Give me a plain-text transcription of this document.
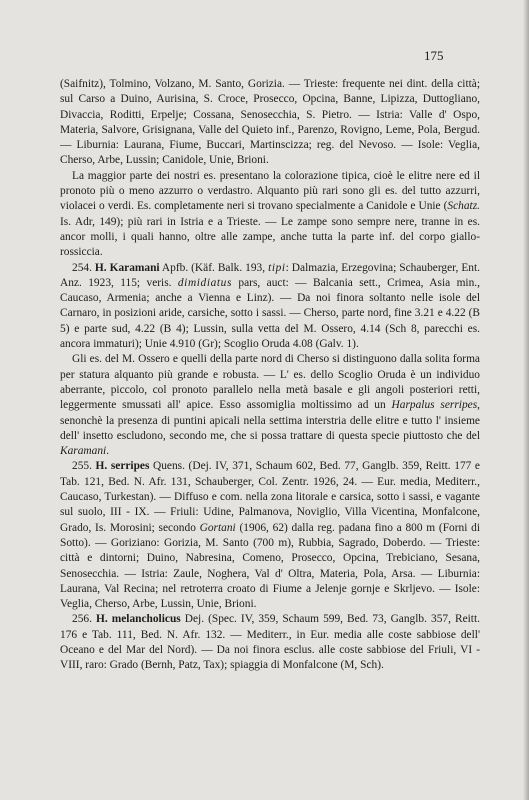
175

(Saifnitz), Tolmino, Volzano, M. Santo, Gorizia. — Trieste: frequente nei dint. della città; sul Carso a Duino, Aurisina, S. Croce, Prosecco, Opcina, Banne, Lipizza, Duttogliano, Divaccia, Roditti, Erpelje; Cossana, Senosecchia, S. Pietro. — Istria: Valle d' Ospo, Materia, Salvore, Grisignana, Valle del Quieto inf., Parenzo, Rovigno, Leme, Pola, Bergud. — Liburnia: Laurana, Fiume, Buccari, Martinscizza; reg. del Nevoso. — Isole: Veglia, Cherso, Arbe, Lussin; Canidole, Unie, Brioni.

La maggior parte dei nostri es. presentano la colorazione tipica, cioè le elitre nere ed il pronoto più o meno azzurro o verdastro. Alquanto più rari sono gli es. del tutto azzurri, violacei o verdi. Es. completamente neri si trovano specialmente a Canidole e Unie (Schatz. Is. Adr, 149); più rari in Istria e a Trieste. — Le zampe sono sempre nere, tranne in es. ancor molli, i quali hanno, oltre alle zampe, anche tutta la parte inf. del corpo giallo-rossiccia.

254. H. Karamani Apfb. (Käf. Balk. 193, tipi: Dalmazia, Erzegovina; Schauberger, Ent. Anz. 1923, 115; veris. dimidiatus pars, auct: — Balcania sett., Crimea, Asia min., Caucaso, Armenia; anche a Vienna e Linz). — Da noi finora soltanto nelle isole del Carnaro, in posizioni aride, carsiche, sotto i sassi. — Cherso, parte nord, fine 3.21 e 4.22 (B 5) e parte sud, 4.22 (B 4); Lussin, sulla vetta del M. Ossero, 4.14 (Sch 8, parecchi es. ancora immaturi); Unie 4.910 (Gr); Scoglio Oruda 4.08 (Galv. 1).

Gli es. del M. Ossero e quelli della parte nord di Cherso si distinguono dalla solita forma per statura alquanto più grande e robusta. — L' es. dello Scoglio Oruda è un individuo aberrante, piccolo, col pronoto parallelo nella metà basale e gli angoli posteriori retti, leggermente smussati all' apice. Esso assomiglia moltissimo ad un Harpalus serripes, senonchè la presenza di puntini apicali nella settima interstria delle elitre e tutto l' insieme dell' insetto escludono, secondo me, che si possa trattare di questa specie piuttosto che del Karamani.

255. H. serripes Quens. (Dej. IV, 371, Schaum 602, Bed. 77, Ganglb. 359, Reitt. 177 e Tab. 121, Bed. N. Afr. 131, Schauberger, Col. Zentr. 1926, 24. — Eur. media, Mediterr., Caucaso, Turkestan). — Diffuso e com. nella zona litorale e carsica, sotto i sassi, e vagante sul suolo, III - IX. — Friuli: Udine, Palmanova, Noviglio, Villa Vicentina, Monfalcone, Grado, Is. Morosini; secondo Gortani (1906, 62) dalla reg. padana fino a 800 m (Forni di Sotto). — Goriziano: Gorizia, M. Santo (700 m), Rubbia, Sagrado, Doberdo. — Trieste: città e dintorni; Duino, Nabresina, Comeno, Prosecco, Opcina, Trebiciano, Sesana, Senosecchia. — Istria: Zaule, Noghera, Val d' Oltra, Materia, Pola, Arsa. — Liburnia: Laurana, Val Recina; nel retroterra croato di Fiume a Jelenje gornje e Skrljevo. — Isole: Veglia, Cherso, Arbe, Lussin, Unie, Brioni.

256. H. melancholicus Dej. (Spec. IV, 359, Schaum 599, Bed. 73, Ganglb. 357, Reitt. 176 e Tab. 111, Bed. N. Afr. 132. — Mediterr., in Eur. media alle coste sabbiose dell' Oceano e del Mar del Nord). — Da noi finora esclus. alle coste sabbiose del Friuli, VI - VIII, raro: Grado (Bernh, Patz, Tax); spiaggia di Monfalcone (M, Sch).
